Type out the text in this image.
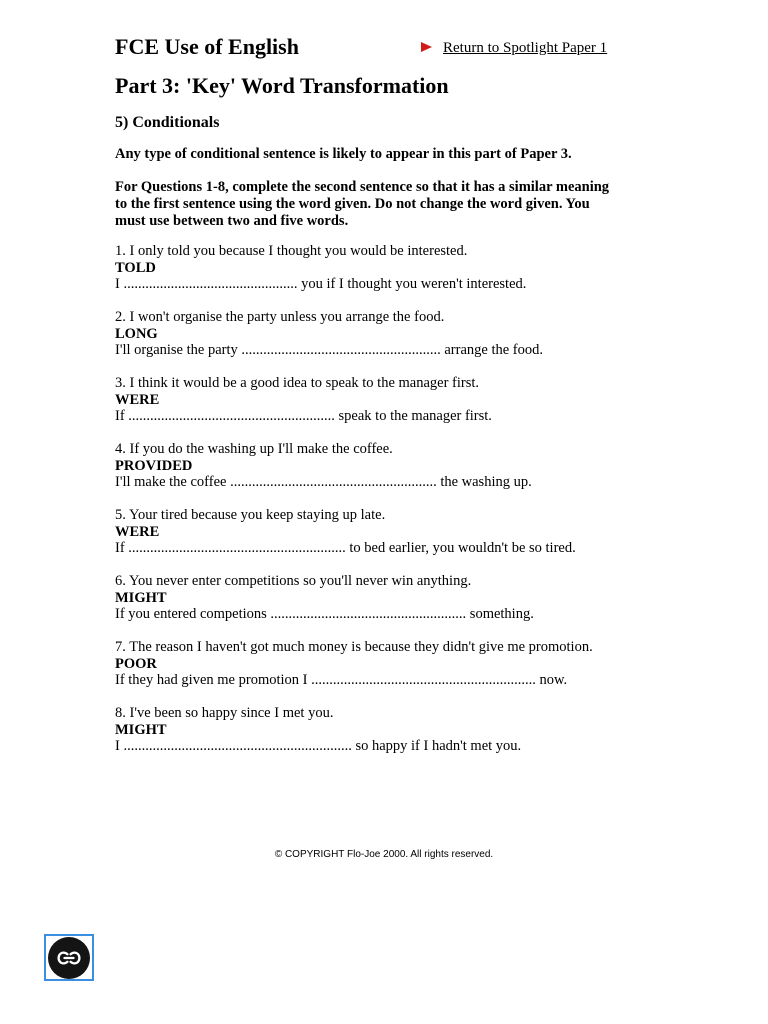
FCE Use of English	Return to Spotlight Paper 1
Part 3: 'Key' Word Transformation
5) Conditionals

Any type of conditional sentence is likely to appear in this part of Paper 3.

For Questions 1-8, complete the second sentence so that it has a similar meaning to the first sentence using the word given. Do not change the word given. You must use between two and five words.

1. I only told you because I thought you would be interested.
TOLD
I ................................................ you if I thought you weren't interested.
2. I won't organise the party unless you arrange the food.
LONG
I'll organise the party ....................................................... arrange the food.
3. I think it would be a good idea to speak to the manager first.
WERE
If ......................................................... speak to the manager first.
4. If you do the washing up I'll make the coffee.
PROVIDED
I'll make the coffee ......................................................... the washing up.
5. Your tired because you keep staying up late.
WERE
If ............................................................ to bed earlier, you wouldn't be so tired.
6. You never enter competitions so you'll never win anything.
MIGHT
If you entered competions ...................................................... something.
7. The reason I haven't got much money is because they didn't give me promotion.
POOR
If they had given me promotion I .............................................................. now.
8. I've been so happy since I met you.
MIGHT
I ............................................................... so happy if I hadn't met you.
© COPYRIGHT Flo-Joe 2000. All rights reserved.
